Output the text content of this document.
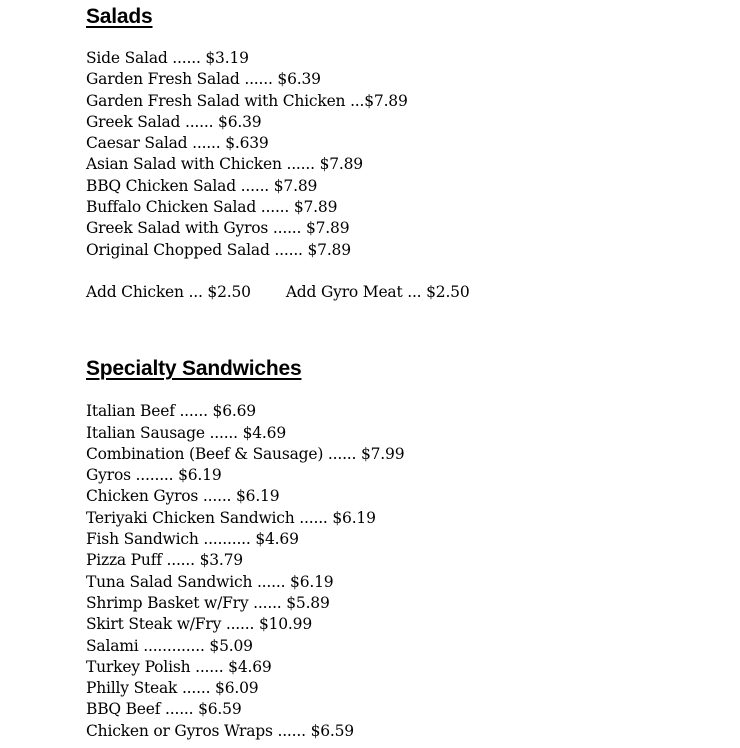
Salads
Side Salad ...... $3.19
Garden Fresh Salad ...... $6.39
Garden Fresh Salad with Chicken ...$7.89
Greek Salad ...... $6.39
Caesar Salad ...... $.639
Asian Salad with Chicken ...... $7.89
BBQ Chicken Salad ...... $7.89
Buffalo Chicken Salad ...... $7.89
Greek Salad with Gyros ...... $7.89
Original Chopped Salad ...... $7.89
Add Chicken ... $2.50 Add Gyro Meat ... $2.50
Specialty Sandwiches
Italian Beef ...... $6.69
Italian Sausage ...... $4.69
Combination (Beef & Sausage) ...... $7.99
Gyros ........ $6.19
Chicken Gyros ...... $6.19
Teriyaki Chicken Sandwich ...... $6.19
Fish Sandwich .......... $4.69
Pizza Puff ...... $3.79
Tuna Salad Sandwich ...... $6.19
Shrimp Basket w/Fry ...... $5.89
Skirt Steak w/Fry ...... $10.99
Salami ............. $5.09
Turkey Polish ...... $4.69
Philly Steak ...... $6.09
BBQ Beef ...... $6.59
Chicken or Gyros Wraps ...... $6.59
